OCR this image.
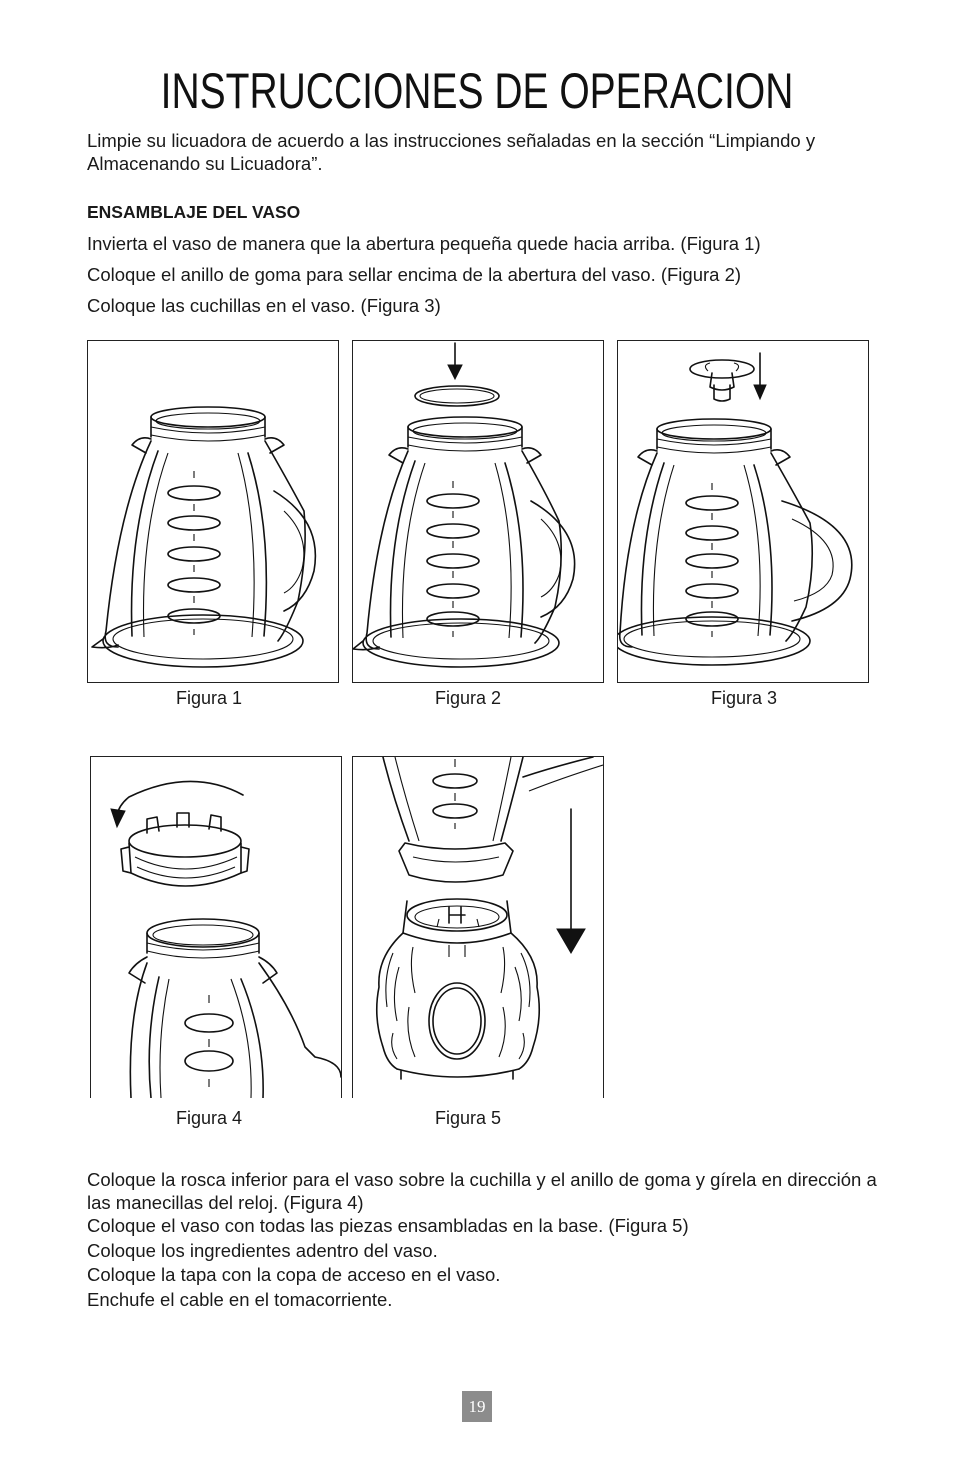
INSTRUCCIONES DE OPERACION
Limpie su licuadora de acuerdo a las instrucciones señaladas en la sección “Limpiando y Almacenando su Licuadora”.
ENSAMBLAJE DEL VASO
Invierta el vaso de manera que la abertura pequeña quede hacia arriba. (Figura 1)
Coloque el anillo de goma para sellar encima de la abertura del vaso. (Figura 2)
Coloque las cuchillas en el vaso. (Figura 3)
Figura 1	Figura 2	Figura 3
Figura 4	Figura 5
Coloque la rosca inferior para el vaso sobre la cuchilla y el anillo de goma y gírela en dirección a las manecillas del reloj. (Figura 4)
Coloque el vaso con todas las piezas ensambladas en la base. (Figura 5)
Coloque los ingredientes adentro del vaso.
Coloque la tapa con la copa de acceso en el vaso.
Enchufe el cable en el tomacorriente.
19
